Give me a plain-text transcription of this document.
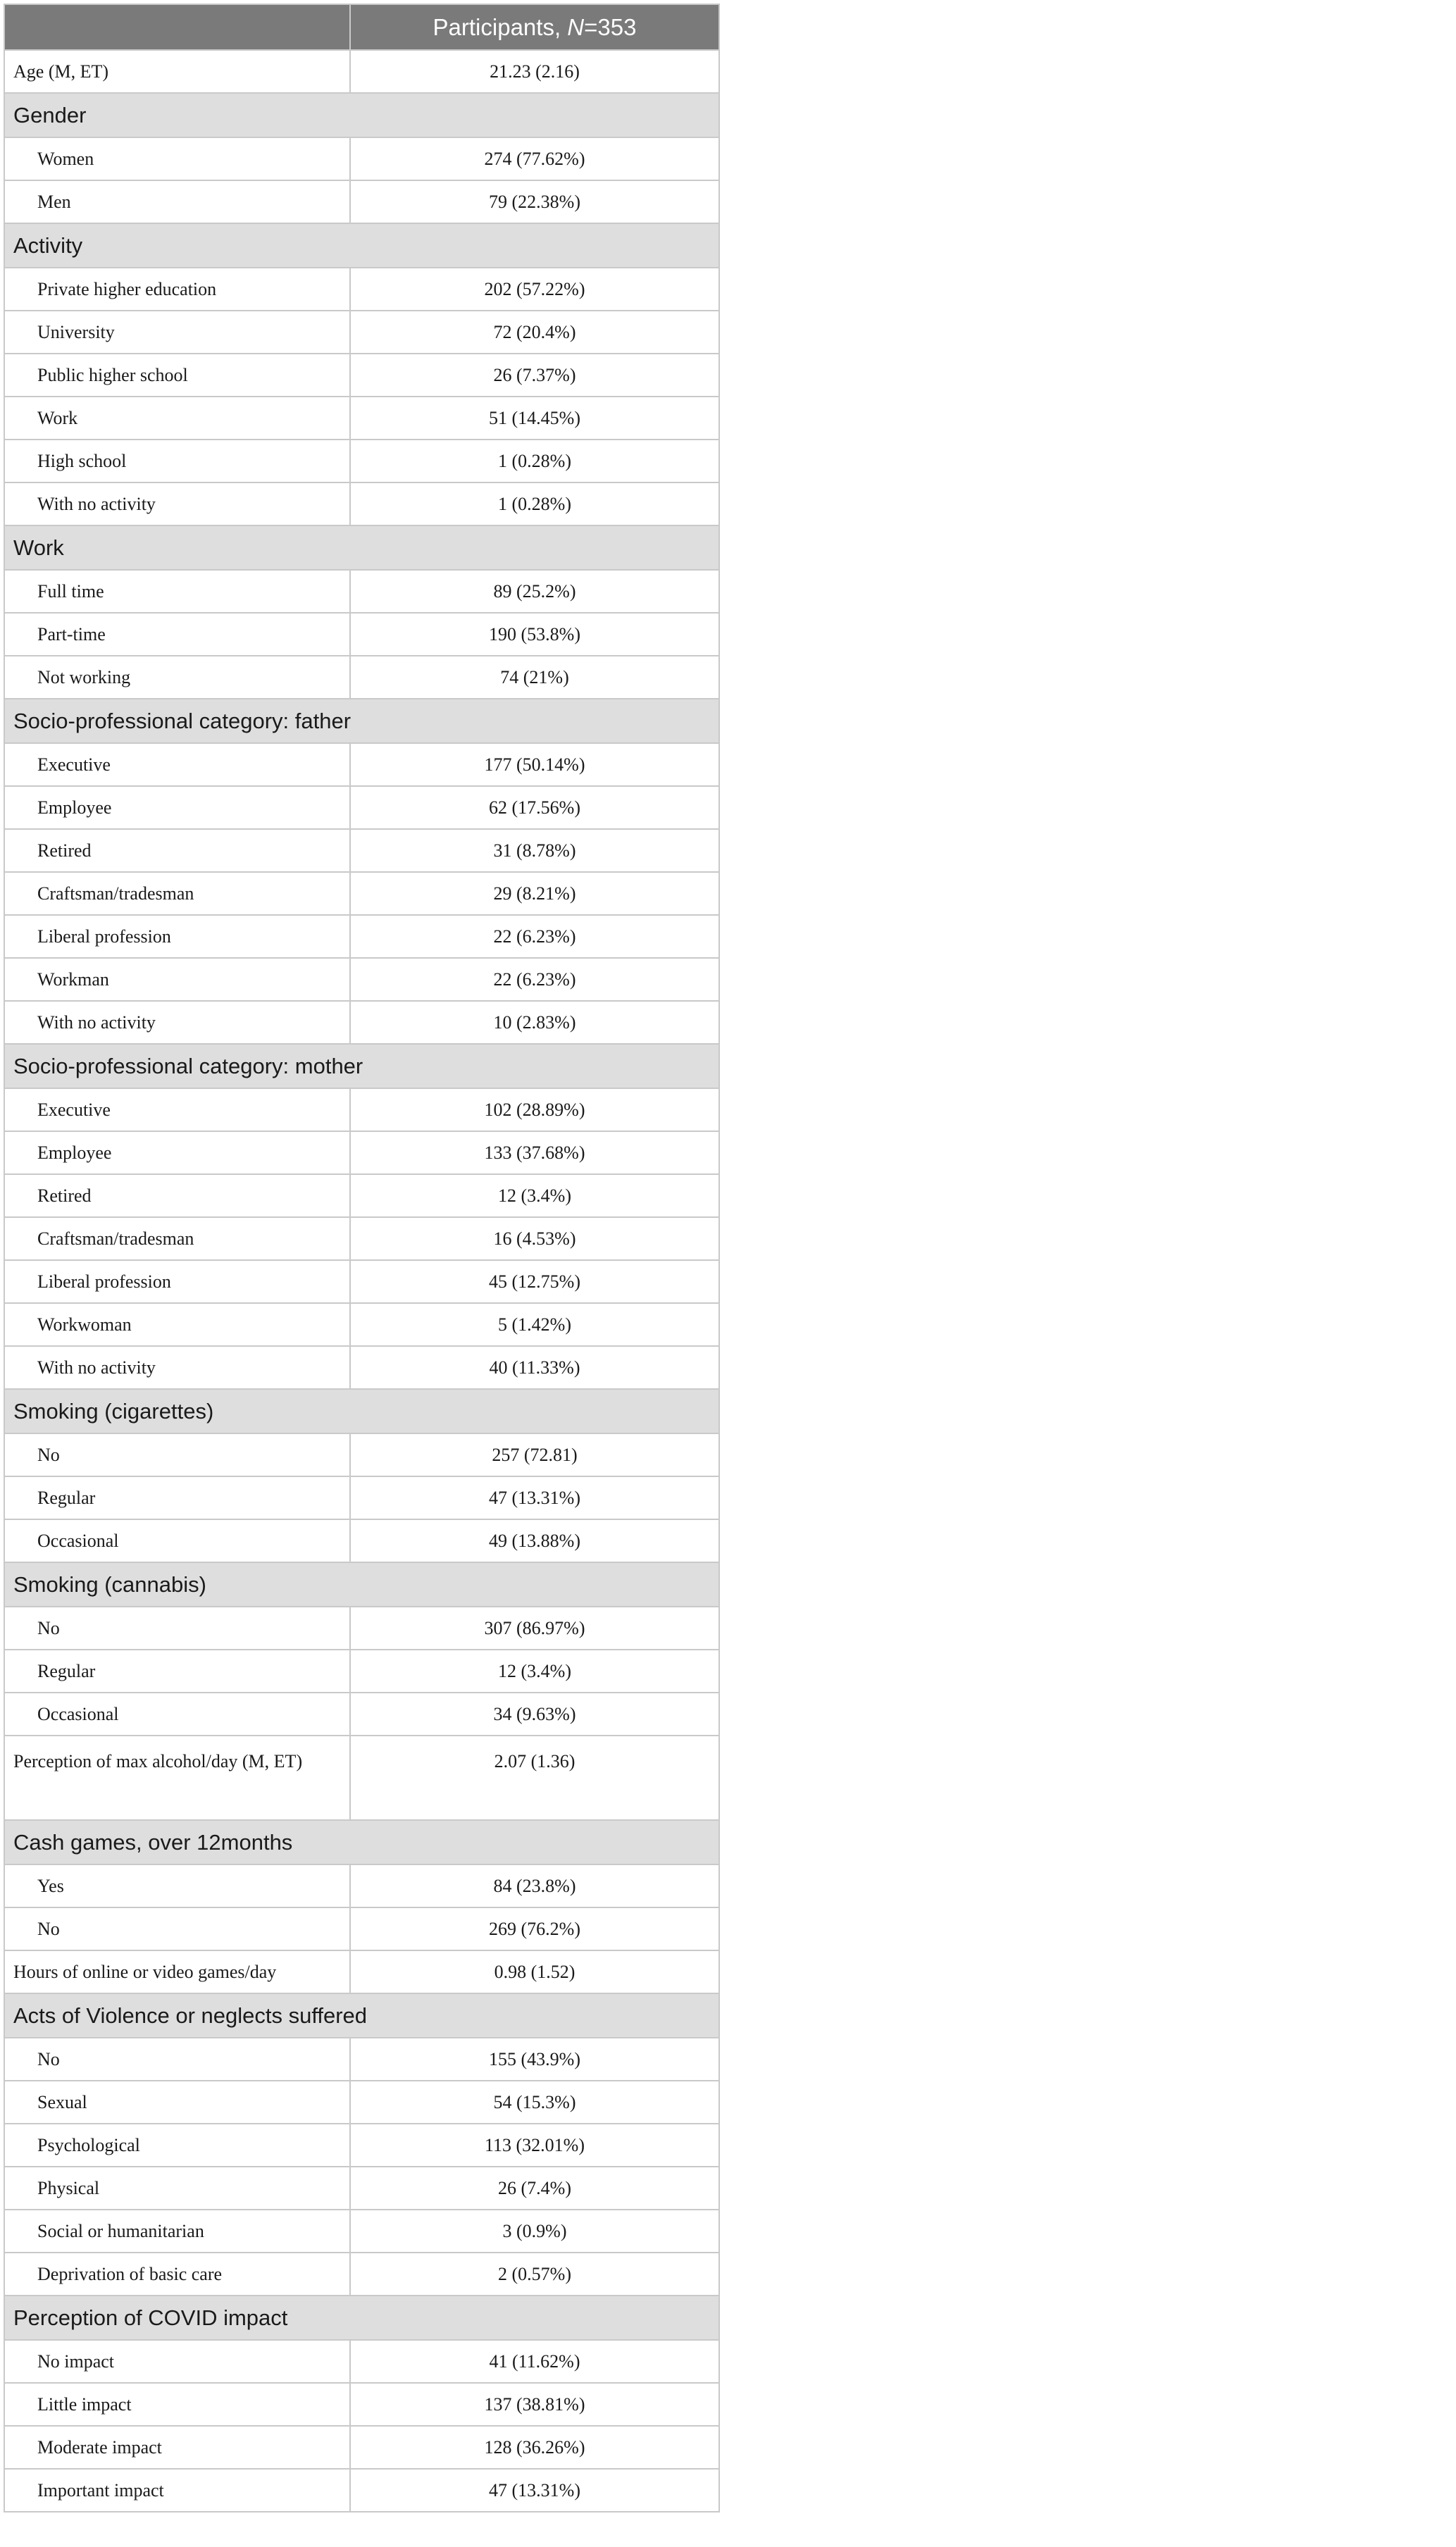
	Participants, N=353
Age (M, ET)	21.23 (2.16)
Gender	
Women	274 (77.62%)
Men	79 (22.38%)
Activity	
Private higher education	202 (57.22%)
University	72 (20.4%)
Public higher school	26 (7.37%)
Work	51 (14.45%)
High school	1 (0.28%)
With no activity	1 (0.28%)
Work	
Full time	89 (25.2%)
Part-time	190 (53.8%)
Not working	74 (21%)
Socio-professional category: father	
Executive	177 (50.14%)
Employee	62 (17.56%)
Retired	31 (8.78%)
Craftsman/tradesman	29 (8.21%)
Liberal profession	22 (6.23%)
Workman	22 (6.23%)
With no activity	10 (2.83%)
Socio-professional category: mother	
Executive	102 (28.89%)
Employee	133 (37.68%)
Retired	12 (3.4%)
Craftsman/tradesman	16 (4.53%)
Liberal profession	45 (12.75%)
Workwoman	5 (1.42%)
With no activity	40 (11.33%)
Smoking (cigarettes)	
No	257 (72.81)
Regular	47 (13.31%)
Occasional	49 (13.88%)
Smoking (cannabis)	
No	307 (86.97%)
Regular	12 (3.4%)
Occasional	34 (9.63%)
Perception of max alcohol/day (M, ET)	2.07 (1.36)
Cash games, over 12months	
Yes	84 (23.8%)
No	269 (76.2%)
Hours of online or video games/day	0.98 (1.52)
Acts of Violence or neglects suffered	
No	155 (43.9%)
Sexual	54 (15.3%)
Psychological	113 (32.01%)
Physical	26 (7.4%)
Social or humanitarian	3 (0.9%)
Deprivation of basic care	2 (0.57%)
Perception of COVID impact	
No impact	41 (11.62%)
Little impact	137 (38.81%)
Moderate impact	128 (36.26%)
Important impact	47 (13.31%)
